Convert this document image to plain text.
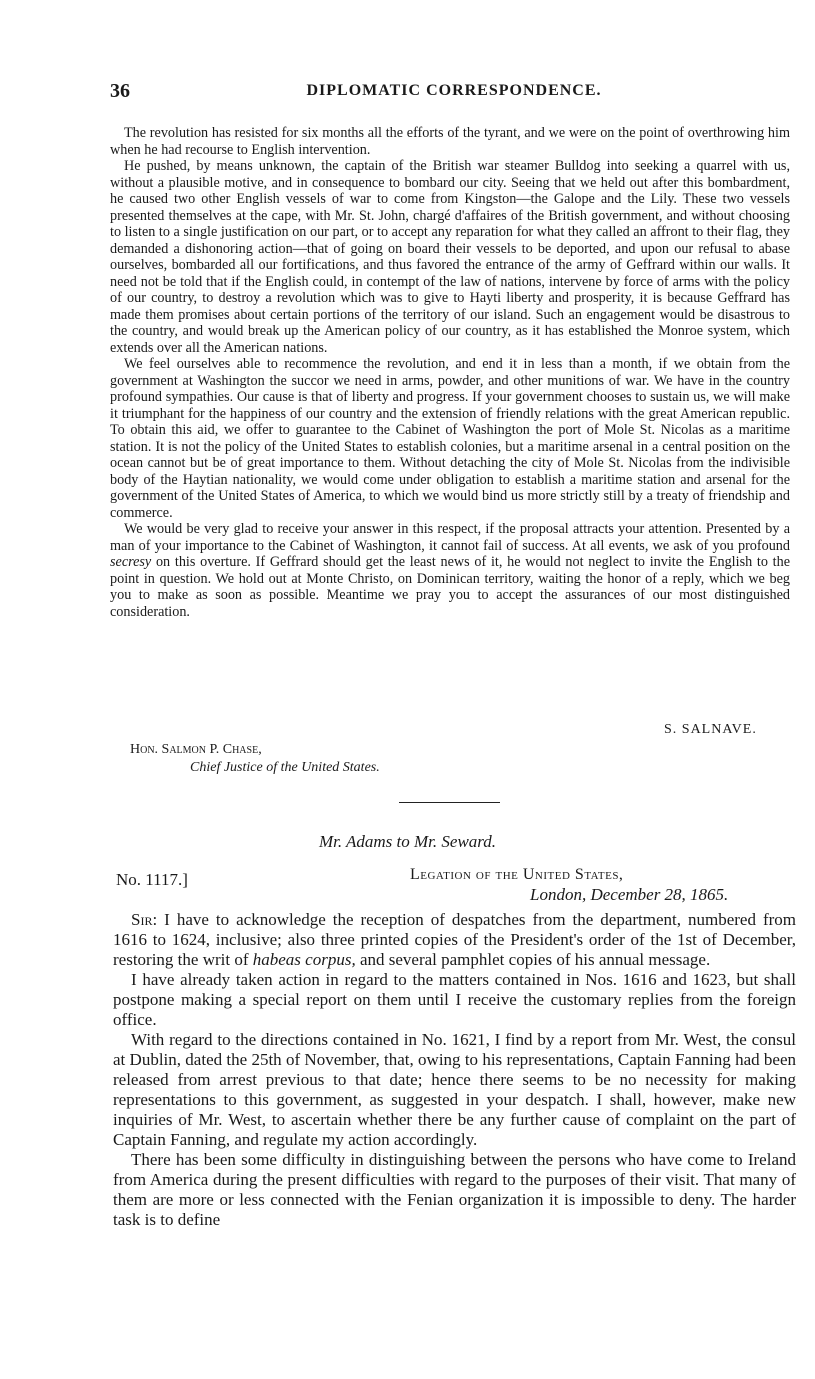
36	DIPLOMATIC CORRESPONDENCE.

The revolution has resisted for six months all the efforts of the tyrant, and we were on the point of overthrowing him when he had recourse to English intervention.

He pushed, by means unknown, the captain of the British war steamer Bulldog into seeking a quarrel with us, without a plausible motive, and in consequence to bombard our city. Seeing that we held out after this bombardment, he caused two other English vessels of war to come from Kingston—the Galope and the Lily. These two vessels presented themselves at the cape, with Mr. St. John, chargé d'affaires of the British government, and without choosing to listen to a single justification on our part, or to accept any reparation for what they called an affront to their flag, they demanded a dishonoring action—that of going on board their vessels to be deported, and upon our refusal to abase ourselves, bombarded all our fortifications, and thus favored the entrance of the army of Geffrard within our walls. It need not be told that if the English could, in contempt of the law of nations, intervene by force of arms with the policy of our country, to destroy a revolution which was to give to Hayti liberty and prosperity, it is because Geffrard has made them promises about certain portions of the territory of our island. Such an engagement would be disastrous to the country, and would break up the American policy of our country, as it has established the Monroe system, which extends over all the American nations.

We feel ourselves able to recommence the revolution, and end it in less than a month, if we obtain from the government at Washington the succor we need in arms, powder, and other munitions of war. We have in the country profound sympathies. Our cause is that of liberty and progress. If your government chooses to sustain us, we will make it triumphant for the happiness of our country and the extension of friendly relations with the great American republic. To obtain this aid, we offer to guarantee to the Cabinet of Washington the port of Mole St. Nicolas as a maritime station. It is not the policy of the United States to establish colonies, but a maritime arsenal in a central position on the ocean cannot but be of great importance to them. Without detaching the city of Mole St. Nicolas from the indivisible body of the Haytian nationality, we would come under obligation to establish a maritime station and arsenal for the government of the United States of America, to which we would bind us more strictly still by a treaty of friendship and commerce.

We would be very glad to receive your answer in this respect, if the proposal attracts your attention. Presented by a man of your importance to the Cabinet of Washington, it cannot fail of success. At all events, we ask of you profound secresy on this overture. If Geffrard should get the least news of it, he would not neglect to invite the English to the point in question. We hold out at Monte Christo, on Dominican territory, waiting the honor of a reply, which we beg you to make as soon as possible. Meantime we pray you to accept the assurances of our most distinguished consideration.

S. SALNAVE.
Hon. Salmon P. Chase,
Chief Justice of the United States.
Mr. Adams to Mr. Seward.
No. 1117.]	Legation of the United States,
London, December 28, 1865.

Sir: I have to acknowledge the reception of despatches from the department, numbered from 1616 to 1624, inclusive; also three printed copies of the President's order of the 1st of December, restoring the writ of habeas corpus, and several pamphlet copies of his annual message.

I have already taken action in regard to the matters contained in Nos. 1616 and 1623, but shall postpone making a special report on them until I receive the customary replies from the foreign office.

With regard to the directions contained in No. 1621, I find by a report from Mr. West, the consul at Dublin, dated the 25th of November, that, owing to his representations, Captain Fanning had been released from arrest previous to that date; hence there seems to be no necessity for making representations to this government, as suggested in your despatch. I shall, however, make new inquiries of Mr. West, to ascertain whether there be any further cause of complaint on the part of Captain Fanning, and regulate my action accordingly.

There has been some difficulty in distinguishing between the persons who have come to Ireland from America during the present difficulties with regard to the purposes of their visit. That many of them are more or less connected with the Fenian organization it is impossible to deny. The harder task is to define
